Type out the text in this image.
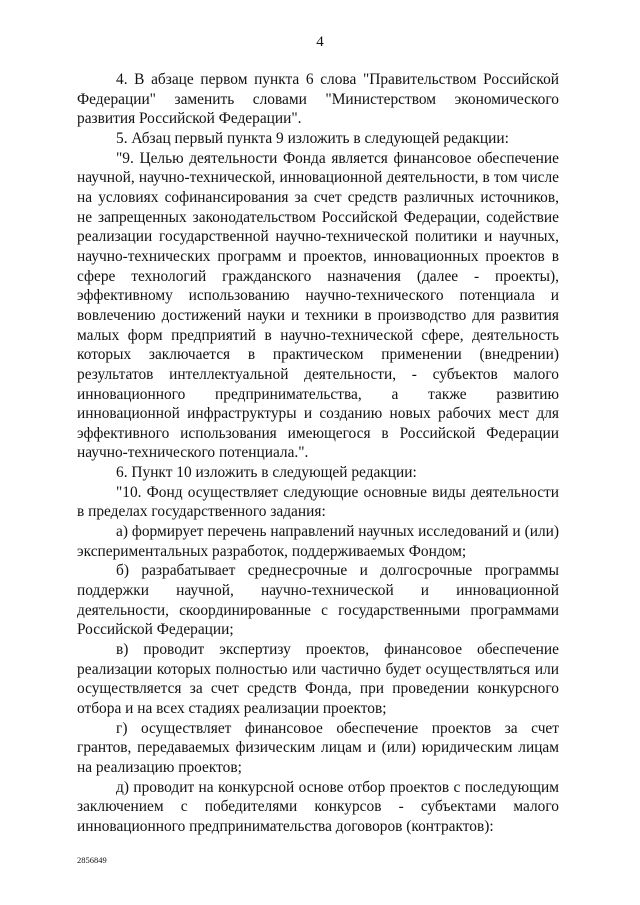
4

4. В абзаце первом пункта 6 слова "Правительством Российской Федерации" заменить словами "Министерством экономического развития Российской Федерации".

5. Абзац первый пункта 9 изложить в следующей редакции:

"9. Целью деятельности Фонда является финансовое обеспечение научной, научно-технической, инновационной деятельности, в том числе на условиях софинансирования за счет средств различных источников, не запрещенных законодательством Российской Федерации, содействие реализации государственной научно-технической политики и научных, научно-технических программ и проектов, инновационных проектов в сфере технологий гражданского назначения (далее - проекты), эффективному использованию научно-технического потенциала и вовлечению достижений науки и техники в производство для развития малых форм предприятий в научно-технической сфере, деятельность которых заключается в практическом применении (внедрении) результатов интеллектуальной деятельности, - субъектов малого инновационного предпринимательства, а также развитию инновационной инфраструктуры и созданию новых рабочих мест для эффективного использования имеющегося в Российской Федерации научно-технического потенциала.".

6. Пункт 10 изложить в следующей редакции:

"10. Фонд осуществляет следующие основные виды деятельности в пределах государственного задания:

а) формирует перечень направлений научных исследований и (или) экспериментальных разработок, поддерживаемых Фондом;

б) разрабатывает среднесрочные и долгосрочные программы поддержки научной, научно-технической и инновационной деятельности, скоординированные с государственными программами Российской Федерации;

в) проводит экспертизу проектов, финансовое обеспечение реализации которых полностью или частично будет осуществляться или осуществляется за счет средств Фонда, при проведении конкурсного отбора и на всех стадиях реализации проектов;

г) осуществляет финансовое обеспечение проектов за счет грантов, передаваемых физическим лицам и (или) юридическим лицам на реализацию проектов;

д) проводит на конкурсной основе отбор проектов с последующим заключением с победителями конкурсов - субъектами малого инновационного предпринимательства договоров (контрактов):

2856849
